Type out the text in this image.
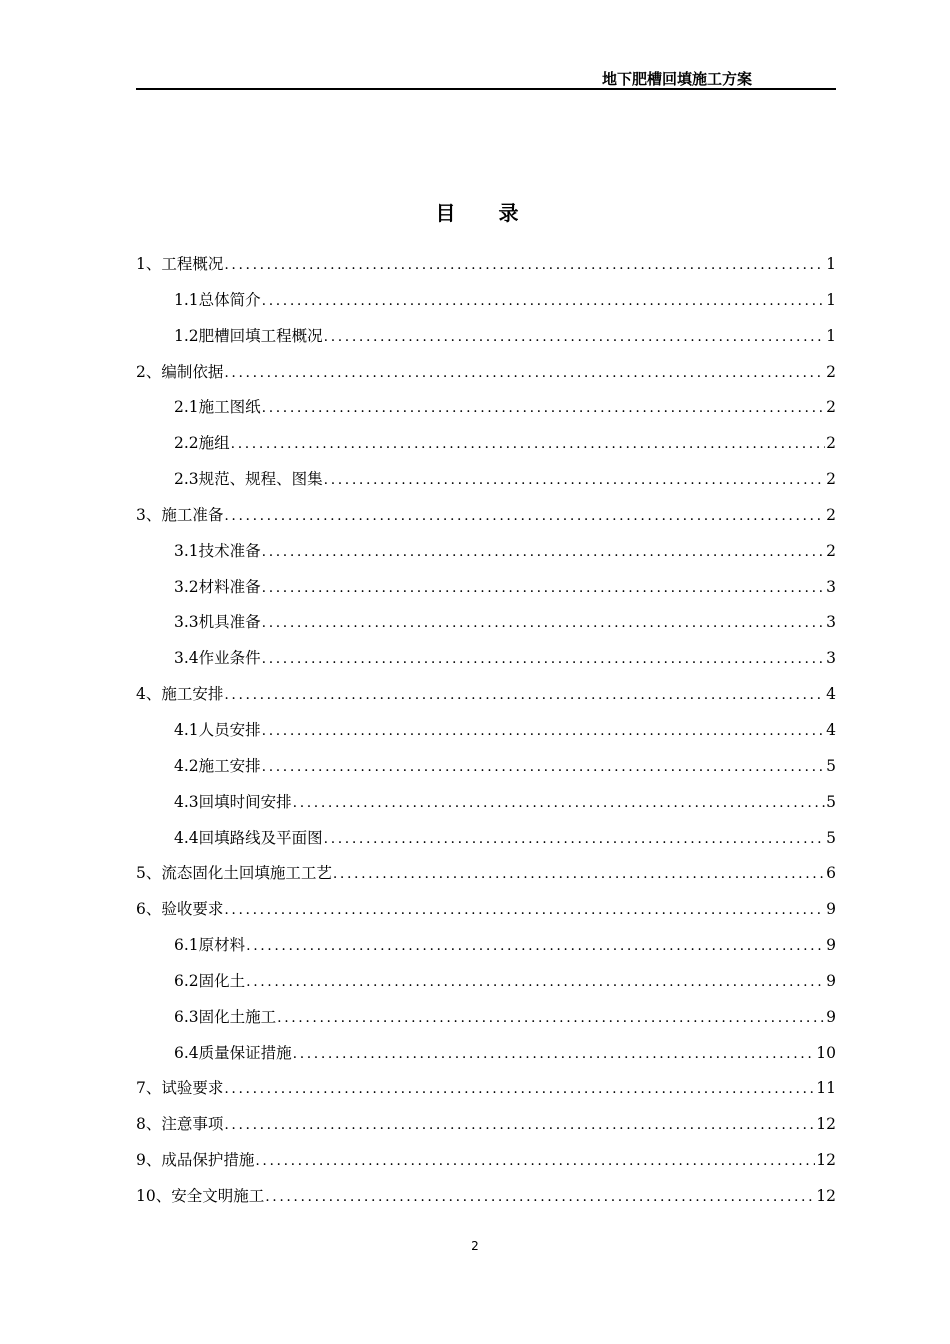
地下肥槽回填施工方案
目 录
1、工程概况 .....	1
1.1总体简介 .....	1
1.2肥槽回填工程概况 .....	1
2、编制依据 .....	2
2.1施工图纸 .....	2
2.2施组 .....	2
2.3规范、规程、图集 .....	2
3、施工准备 .....	2
3.1技术准备 .....	2
3.2材料准备 .....	3
3.3机具准备 .....	3
3.4作业条件 .....	3
4、施工安排 .....	4
4.1人员安排 .....	4
4.2施工安排 .....	5
4.3回填时间安排 .....	5
4.4回填路线及平面图 .....	5
5、流态固化土回填施工工艺 .....	6
6、验收要求 .....	9
6.1原材料 .....	9
6.2固化土 .....	9
6.3固化土施工 .....	9
6.4质量保证措施 .....	10
7、试验要求 .....	11
8、注意事项 .....	12
9、成品保护措施 .....	12
10、安全文明施工 .....	12
2
